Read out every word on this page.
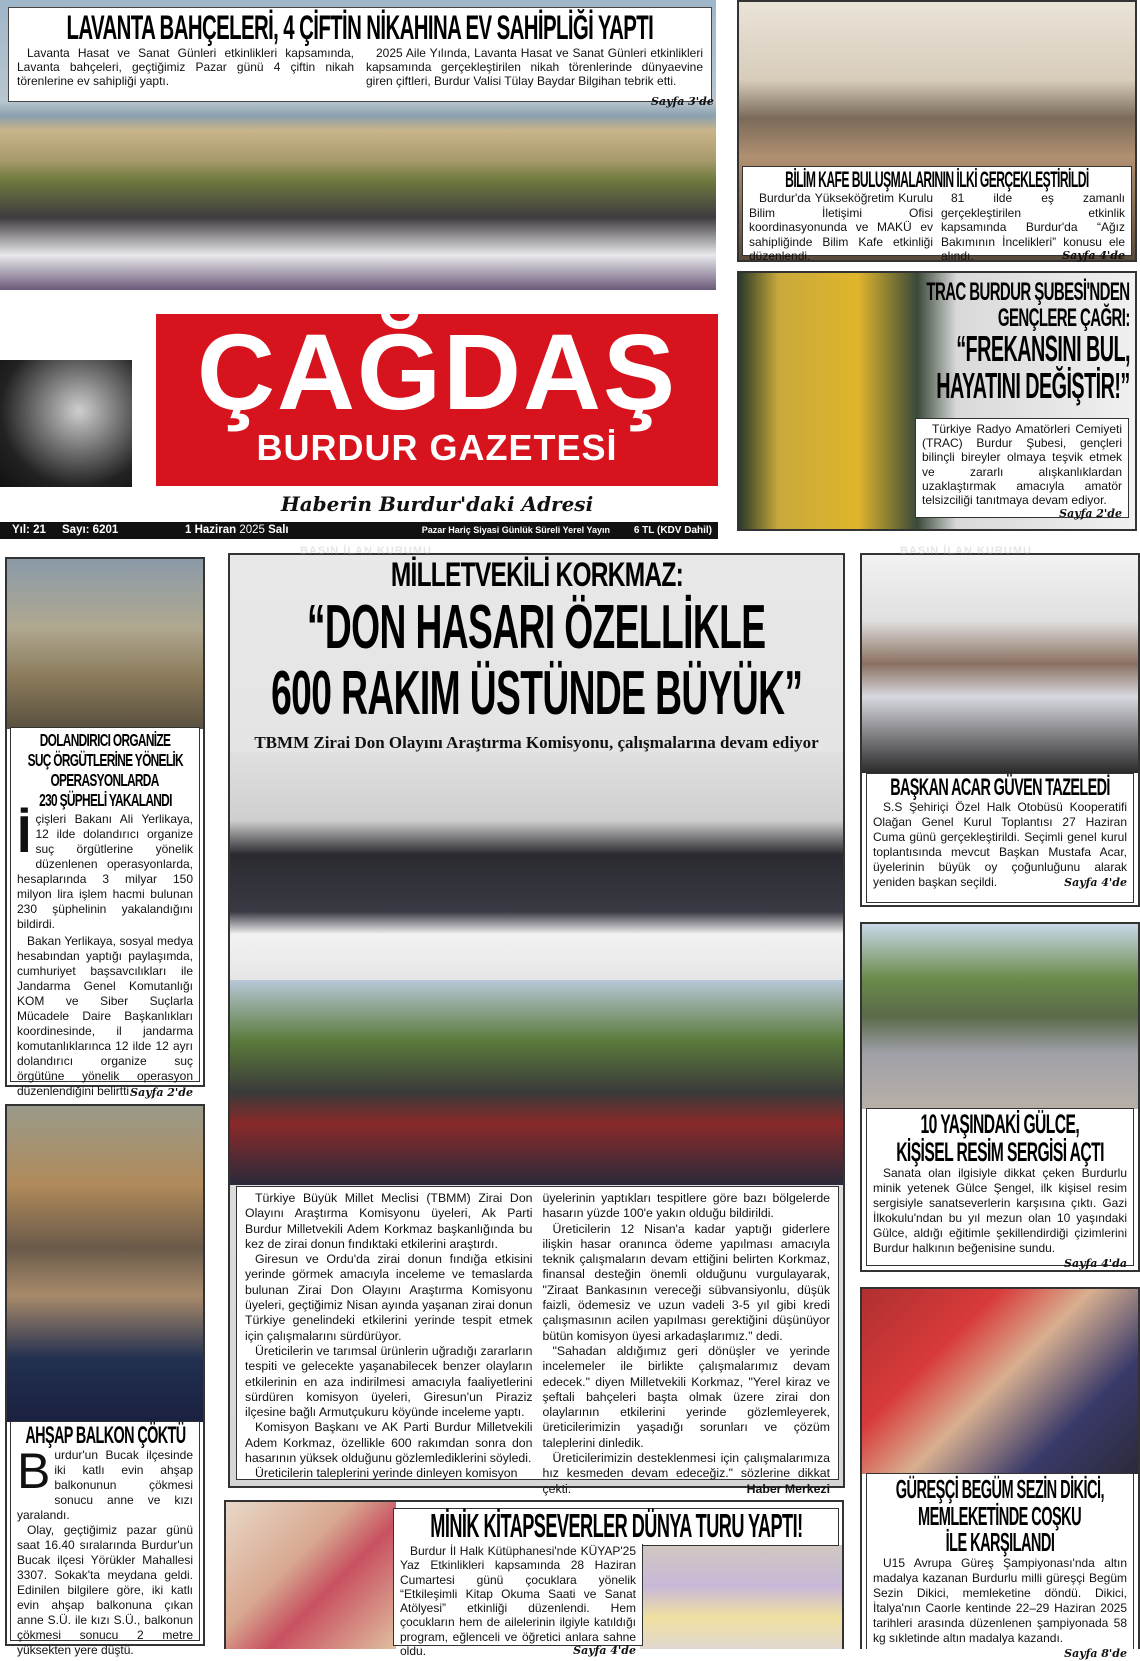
LAVANTA BAHÇELERİ, 4 ÇİFTİN NİKAHINA EV SAHİPLİĞİ YAPTI
Lavanta Hasat ve Sanat Günleri etkinlikleri kapsamında, Lavanta bahçeleri, geçtiğimiz Pazar günü 4 çiftin nikah törenlerine ev sahipliği yaptı.
2025 Aile Yılında, Lavanta Hasat ve Sanat Günleri etkinlikleri kapsamında gerçekleştirilen nikah törenlerinde dünyaevine giren çiftleri, Burdur Valisi Tülay Baydar Bilgihan tebrik etti.
Sayfa 3'de
BİLİM KAFE BULUŞMALARININ İLKİ GERÇEKLEŞTİRİLDİ
Burdur'da Yükseköğretim Kurulu Bilim İletişimi Ofisi koordinasyonunda ve MAKÜ ev sahipliğinde Bilim Kafe etkinliği düzenlendi.
81 ilde eş zamanlı gerçekleştirilen etkinlik kapsamında Burdur'da “Ağız Bakımının İncelikleri” konusu ele alındı.	Sayfa 4'de
TRAC BURDUR ŞUBESİ'NDEN
GENÇLERE ÇAĞRI:
“FREKANSINI BUL,
HAYATINI DEĞİŞTİR!”
Türkiye Radyo Amatörleri Cemiyeti (TRAC) Burdur Şubesi, gençleri bilinçli bireyler olmaya teşvik etmek ve zararlı alışkanlıklardan uzaklaştırmak amacıyla amatör telsizciliği tanıtmaya devam ediyor.
Sayfa 2'de
ÇAĞDAŞ
BURDUR GAZETESİ
Haberin Burdur'daki Adresi
Yıl: 21 Sayı: 6201	1 Haziran 2025 Salı	Pazar Hariç Siyasi Günlük Süreli Yerel Yayın 6 TL (KDV Dahil)
DOLANDIRICI ORGANİZE
SUÇ ÖRGÜTLERİNE YÖNELİK
OPERASYONLARDA
230 ŞÜPHELİ YAKALANDI
İçişleri Bakanı Ali Yerlikaya, 12 ilde dolandırıcı organize suç örgütlerine yönelik düzenlenen operasyonlarda, hesaplarında 3 milyar 150 milyon lira işlem hacmi bulunan 230 şüphelinin yakalandığını bildirdi.

Bakan Yerlikaya, sosyal medya hesabından yaptığı paylaşımda, cumhuriyet başsavcılıkları ile Jandarma Genel Komutanlığı KOM ve Siber Suçlarla Mücadele Daire Başkanlıkları koordinesinde, il jandarma komutanlıklarınca 12 ilde 12 ayrı dolandırıcı organize suç örgütüne yönelik operasyon düzenlendiğini belirtti.

Sayfa 2'de
AHŞAP BALKON ÇÖKTÜ
Burdur'un Bucak ilçesinde iki katlı evin ahşap balkonunun çökmesi sonucu anne ve kızı yaralandı.

Olay, geçtiğimiz pazar günü saat 16.40 sıralarında Burdur'un Bucak ilçesi Yörükler Mahallesi 3307. Sokak'ta meydana geldi. Edinilen bilgilere göre, iki katlı evin ahşap balkonuna çıkan anne S.Ü. ile kızı S.Ü., balkonun çökmesi sonucu 2 metre yüksekten yere düştü.

MİLLETVEKİLİ KORKMAZ:
“DON HASARI ÖZELLİKLE
600 RAKIM ÜSTÜNDE BÜYÜK”
TBMM Zirai Don Olayını Araştırma Komisyonu, çalışmalarına devam ediyor

Türkiye Büyük Millet Meclisi (TBMM) Zirai Don Olayını Araştırma Komisyonu üyeleri, Ak Parti Burdur Milletvekili Adem Korkmaz başkanlığında bu kez de zirai donun fındıktaki etkilerini araştırdı.

Giresun ve Ordu'da zirai donun fındığa etkisini yerinde görmek amacıyla inceleme ve temaslarda bulunan Zirai Don Olayını Araştırma Komisyonu üyeleri, geçtiğimiz Nisan ayında yaşanan zirai donun Türkiye genelindeki etkilerini yerinde tespit etmek için çalışmalarını sürdürüyor.

Üreticilerin ve tarımsal ürünlerin uğradığı zararların tespiti ve gelecekte yaşanabilecek benzer olayların etkilerinin en aza indirilmesi amacıyla faaliyetlerini sürdüren komisyon üyeleri, Giresun'un Piraziz ilçesine bağlı Armutçukuru köyünde inceleme yaptı.

Komisyon Başkanı ve AK Parti Burdur Milletvekili Adem Korkmaz, özellikle 600 rakımdan sonra don hasarının yüksek olduğunu gözlemlediklerini söyledi.

Üreticilerin taleplerini yerinde dinleyen komisyon

üyelerinin yaptıkları tespitlere göre bazı bölgelerde hasarın yüzde 100'e yakın olduğu bildirildi.

Üreticilerin 12 Nisan'a kadar yaptığı giderlere ilişkin hasar oranınca ödeme yapılması amacıyla teknik çalışmaların devam ettiğini belirten Korkmaz, finansal desteğin önemli olduğunu vurgulayarak, "Ziraat Bankasının vereceği sübvansiyonlu, düşük faizli, ödemesiz ve uzun vadeli 3-5 yıl gibi kredi çalışmasının acilen yapılması gerektiğini düşünüyor bütün komisyon üyesi arkadaşlarımız." dedi.

"Sahadan aldığımız geri dönüşler ve yerinde incelemeler ile birlikte çalışmalarımız devam edecek." diyen Milletvekili Korkmaz, "Yerel kiraz ve şeftali bahçeleri başta olmak üzere zirai don olaylarının etkilerini yerinde gözlemleyerek, üreticilerimizin yaşadığı sorunları ve çözüm taleplerini dinledik.

Üreticilerimizin desteklenmesi için çalışmalarımıza hız kesmeden devam edeceğiz." sözlerine dikkat çekti.	Haber Merkezi
MİNİK KİTAPSEVERLER DÜNYA TURU YAPTI!
Burdur İl Halk Kütüphanesi'nde KÜYAP'25 Yaz Etkinlikleri kapsamında 28 Haziran Cumartesi günü çocuklara yönelik “Etkileşimli Kitap Okuma Saati ve Sanat Atölyesi” etkinliği düzenlendi. Hem çocukların hem de ailelerinin ilgiyle katıldığı program, eğlenceli ve öğretici anlara sahne oldu.	Sayfa 4'de
BAŞKAN ACAR GÜVEN TAZELEDİ
S.S Şehiriçi Özel Halk Otobüsü Kooperatifi Olağan Genel Kurul Toplantısı 27 Haziran Cuma günü gerçekleştirildi. Seçimli genel kurul toplantısında mevcut Başkan Mustafa Acar, üyelerinin büyük oy çoğunluğunu alarak yeniden başkan seçildi.	Sayfa 4'de
10 YAŞINDAKİ GÜLCE,
KİŞİSEL RESİM SERGİSİ AÇTI
Sanata olan ilgisiyle dikkat çeken Burdurlu minik yetenek Gülce Şengel, ilk kişisel resim sergisiyle sanatseverlerin karşısına çıktı. Gazi İlkokulu'ndan bu yıl mezun olan 10 yaşındaki Gülce, aldığı eğitimle şekillendirdiği çizimlerini Burdur halkının beğenisine sundu.
Sayfa 4'da
GÜREŞÇİ BEGÜM SEZİN DİKİCİ,
MEMLEKETİNDE COŞKU
İLE KARŞILANDI
U15 Avrupa Güreş Şampiyonası'nda altın madalya kazanan Burdurlu milli güreşçi Begüm Sezin Dikici, memleketine döndü. Dikici, İtalya'nın Caorle kentinde 22–29 Haziran 2025 tarihleri arasında düzenlenen şampiyonada 58 kg sıkletinde altın madalya kazandı.
Sayfa 8'de
BASIN İLAN KURUMU	BASIN İLAN KURUMU
